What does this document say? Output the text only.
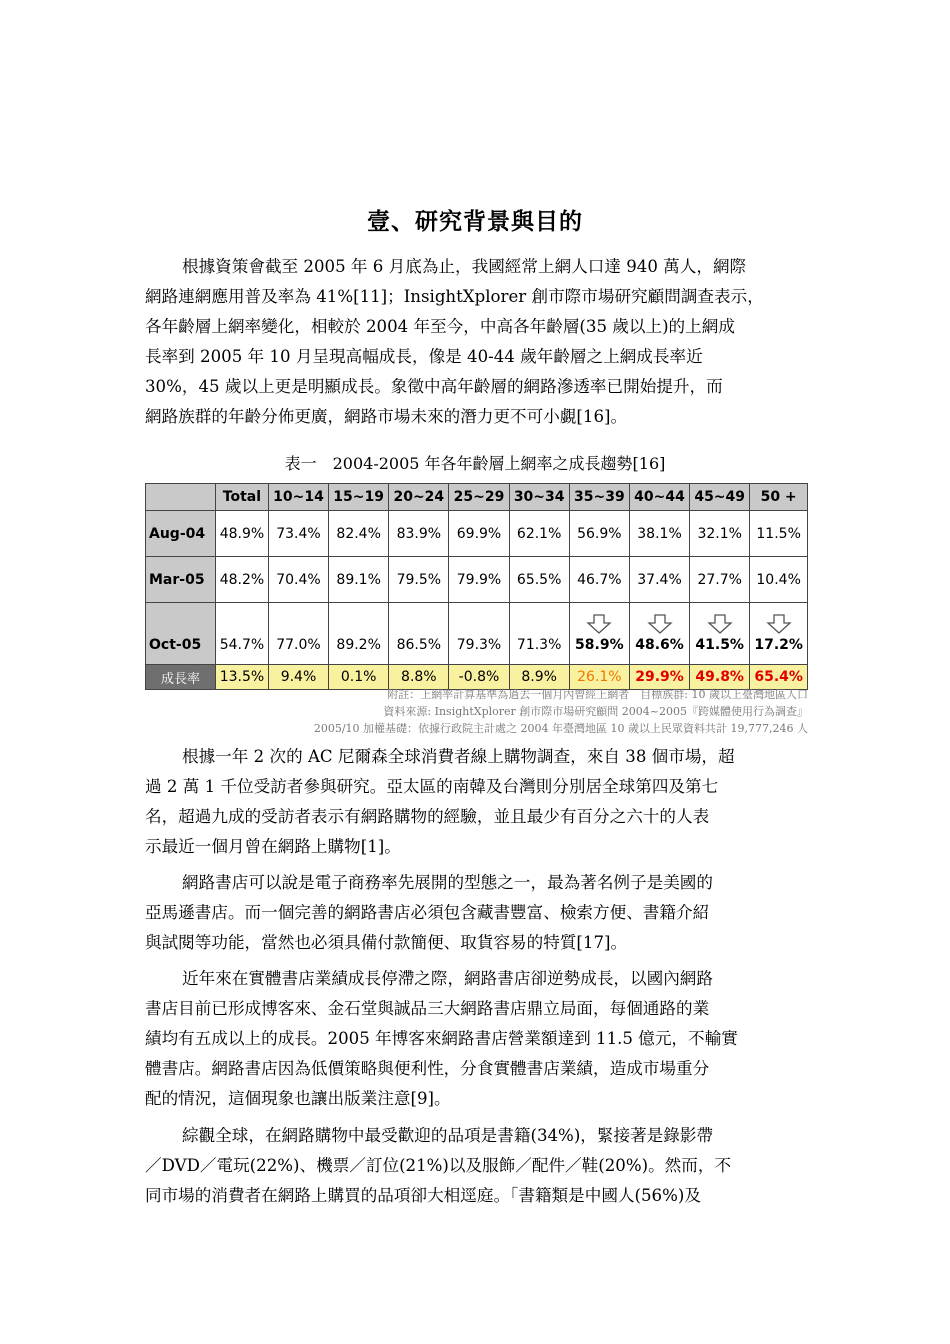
壹、研究背景與目的
根據資策會截至 2005 年 6 月底為止，我國經常上網人口達 940 萬人，網際
網路連網應用普及率為 41%[11]；InsightXplorer 創市際市場研究顧問調查表示，
各年齡層上網率變化，相較於 2004 年至今，中高各年齡層(35 歲以上)的上網成
長率到 2005 年 10 月呈現高幅成長，像是 40-44 歲年齡層之上網成長率近
30%，45 歲以上更是明顯成長。象徵中高年齡層的網路滲透率已開始提升，而
網路族群的年齡分佈更廣，網路市場未來的潛力更不可小覷[16]。
表一　2004-2005 年各年齡層上網率之成長趨勢[16]
	Total	10~14	15~19	20~24	25~29	30~34	35~39	40~44	45~49	50 +
Aug-04	48.9%	73.4%	82.4%	83.9%	69.9%	62.1%	56.9%	38.1%	32.1%	11.5%
Mar-05	48.2%	70.4%	89.1%	79.5%	79.9%	65.5%	46.7%	37.4%	27.7%	10.4%
Oct-05	54.7%	77.0%	89.2%	86.5%	79.3%	71.3%	58.9%	48.6%	41.5%	17.2%
成長率	13.5%	9.4%	0.1%	8.8%	-0.8%	8.9%	26.1%	29.9%	49.8%	65.4%
附註：上網率計算基準為過去一個月內曾經上網者　目標族群: 10 歲以上臺灣地區人口
資料來源: InsightXplorer 創市際市場研究顧問 2004~2005『跨媒體使用行為調查』
2005/10 加權基礎：依據行政院主計處之 2004 年臺灣地區 10 歲以上民眾資料共計 19,777,246 人
根據一年 2 次的 AC 尼爾森全球消費者線上購物調查，來自 38 個市場，超
過 2 萬 1 千位受訪者參與研究。亞太區的南韓及台灣則分別居全球第四及第七
名，超過九成的受訪者表示有網路購物的經驗，並且最少有百分之六十的人表
示最近一個月曾在網路上購物[1]。
網路書店可以說是電子商務率先展開的型態之一，最為著名例子是美國的
亞馬遜書店。而一個完善的網路書店必須包含藏書豐富、檢索方便、書籍介紹
與試閱等功能，當然也必須具備付款簡便、取貨容易的特質[17]。
近年來在實體書店業績成長停滯之際，網路書店卻逆勢成長，以國內網路
書店目前已形成博客來、金石堂與誠品三大網路書店鼎立局面，每個通路的業
績均有五成以上的成長。2005 年博客來網路書店營業額達到 11.5 億元，不輸實
體書店。網路書店因為低價策略與便利性，分食實體書店業績，造成市場重分
配的情況，這個現象也讓出版業注意[9]。
綜觀全球，在網路購物中最受歡迎的品項是書籍(34%)，緊接著是錄影帶
／DVD／電玩(22%)、機票／訂位(21%)以及服飾／配件／鞋(20%)。然而，不
同市場的消費者在網路上購買的品項卻大相逕庭。「書籍類是中國人(56%)及
